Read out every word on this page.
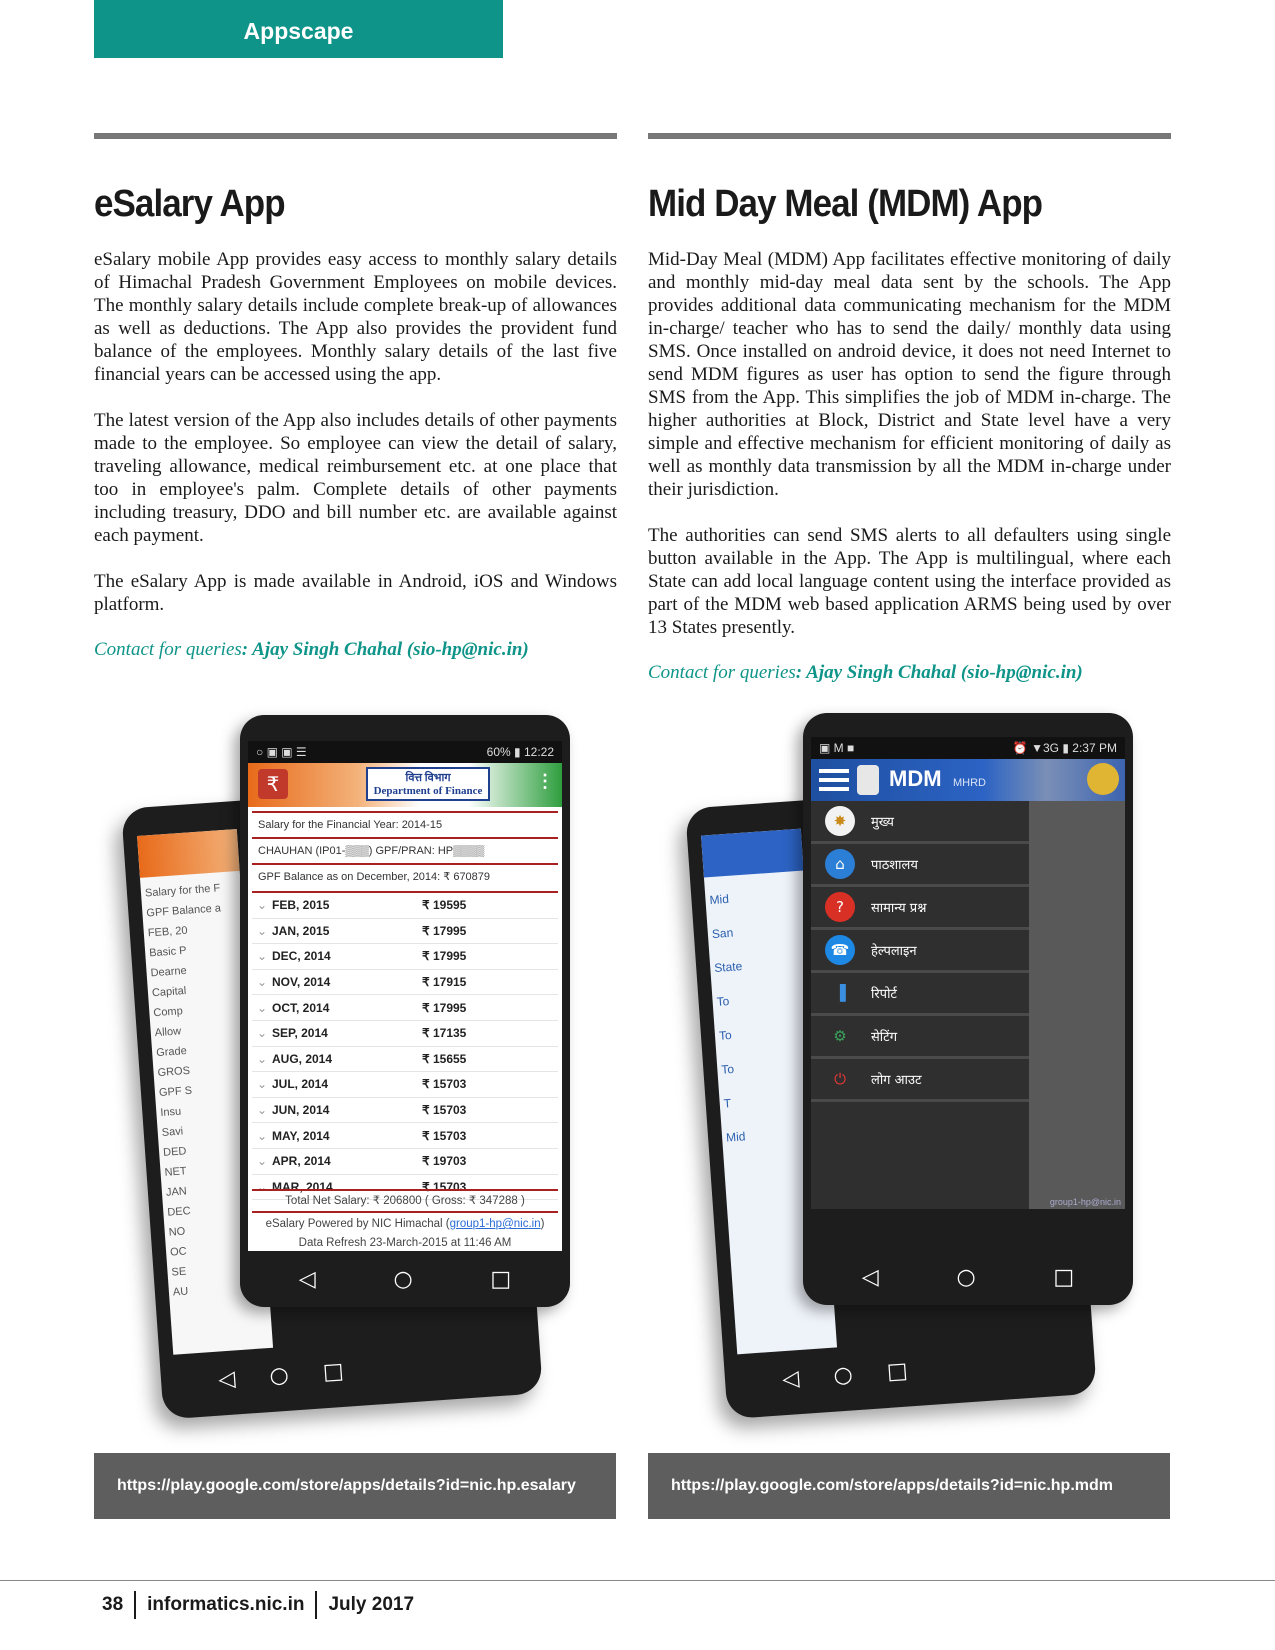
Appscape
eSalary App

eSalary mobile App provides easy access to monthly salary details of Himachal Pradesh Government Employees on mobile devices. The monthly salary details include complete break-up of allowances as well as deductions. The App also provides the provident fund balance of the employees. Monthly salary details of the last five financial years can be accessed using the app.

The latest version of the App also includes details of other payments made to the employee. So employee can view the detail of salary, traveling allowance, medical reimbursement etc. at one place that too in employee's palm. Complete details of other payments including treasury, DDO and bill number etc. are available against each payment.

The eSalary App is made available in Android, iOS and Windows platform.

Contact for queries: Ajay Singh Chahal (sio-hp@nic.in)

Mid Day Meal (MDM) App

Mid-Day Meal (MDM) App facilitates effective monitoring of daily and monthly mid-day meal data sent by the schools. The App provides additional data communicating mechanism for the MDM in-charge/ teacher who has to send the daily/ monthly data using SMS. Once installed on android device, it does not need Internet to send MDM figures as user has option to send the figure through SMS from the App. This simplifies the job of MDM in-charge. The higher authorities at Block, District and State level have a very simple and effective mechanism for efficient monitoring of daily as well as monthly data transmission by all the MDM in-charge under their jurisdiction.

The authorities can send SMS alerts to all defaulters using single button available in the App. The App is multilingual, where each State can add local language content using the interface provided as part of the MDM web based application ARMS being used by over 13 States presently.

Contact for queries: Ajay Singh Chahal (sio-hp@nic.in)

Salary for the F
GPF Balance a
FEB, 20
Basic P
Dearne
Capital
Comp
Allow
Grade
GROS
GPF S
Insu
Savi
DED
NET
JAN
DEC
NO
OC
SE
AU
◁ ○ □
○ ▣ ▣ ☰	60% ▮ 12:22
₹	वित्त विभाग
Department of Finance	⋮
Salary for the Financial Year: 2014-15
CHAUHAN (IP01-▒▒▒) GPF/PRAN: HP▒▒▒▒
GPF Balance as on December, 2014: ₹ 670879
⌄ FEB, 2015	₹ 19595
⌄ JAN, 2015	₹ 17995
⌄ DEC, 2014	₹ 17995
⌄ NOV, 2014	₹ 17915
⌄ OCT, 2014	₹ 17995
⌄ SEP, 2014	₹ 17135
⌄ AUG, 2014	₹ 15655
⌄ JUL, 2014	₹ 15703
⌄ JUN, 2014	₹ 15703
⌄ MAY, 2014	₹ 15703
⌄ APR, 2014	₹ 19703
⌄ MAR, 2014	₹ 15703
Total Net Salary: ₹ 206800 ( Gross: ₹ 347288 )
eSalary Powered by NIC Himachal (group1-hp@nic.in)
Data Refresh 23-March-2015 at 11:46 AM
◁	○	□
Mid
San
State
To
To
To
T
Mid
◁ ○ □
▣ M ■	⏰ ▼3G ▮ 2:37 PM
MDM MHRD
✸	मुख्य
⌂	पाठशालय
?	सामान्य प्रश्न
☎	हेल्पलाइन
▐	रिपोर्ट
⚙	सेटिंग
⏻	लोग आउट
group1-hp@nic.in
◁	○	□
https://play.google.com/store/apps/details?id=nic.hp.esalary	https://play.google.com/store/apps/details?id=nic.hp.mdm
38 informatics.nic.in July 2017
